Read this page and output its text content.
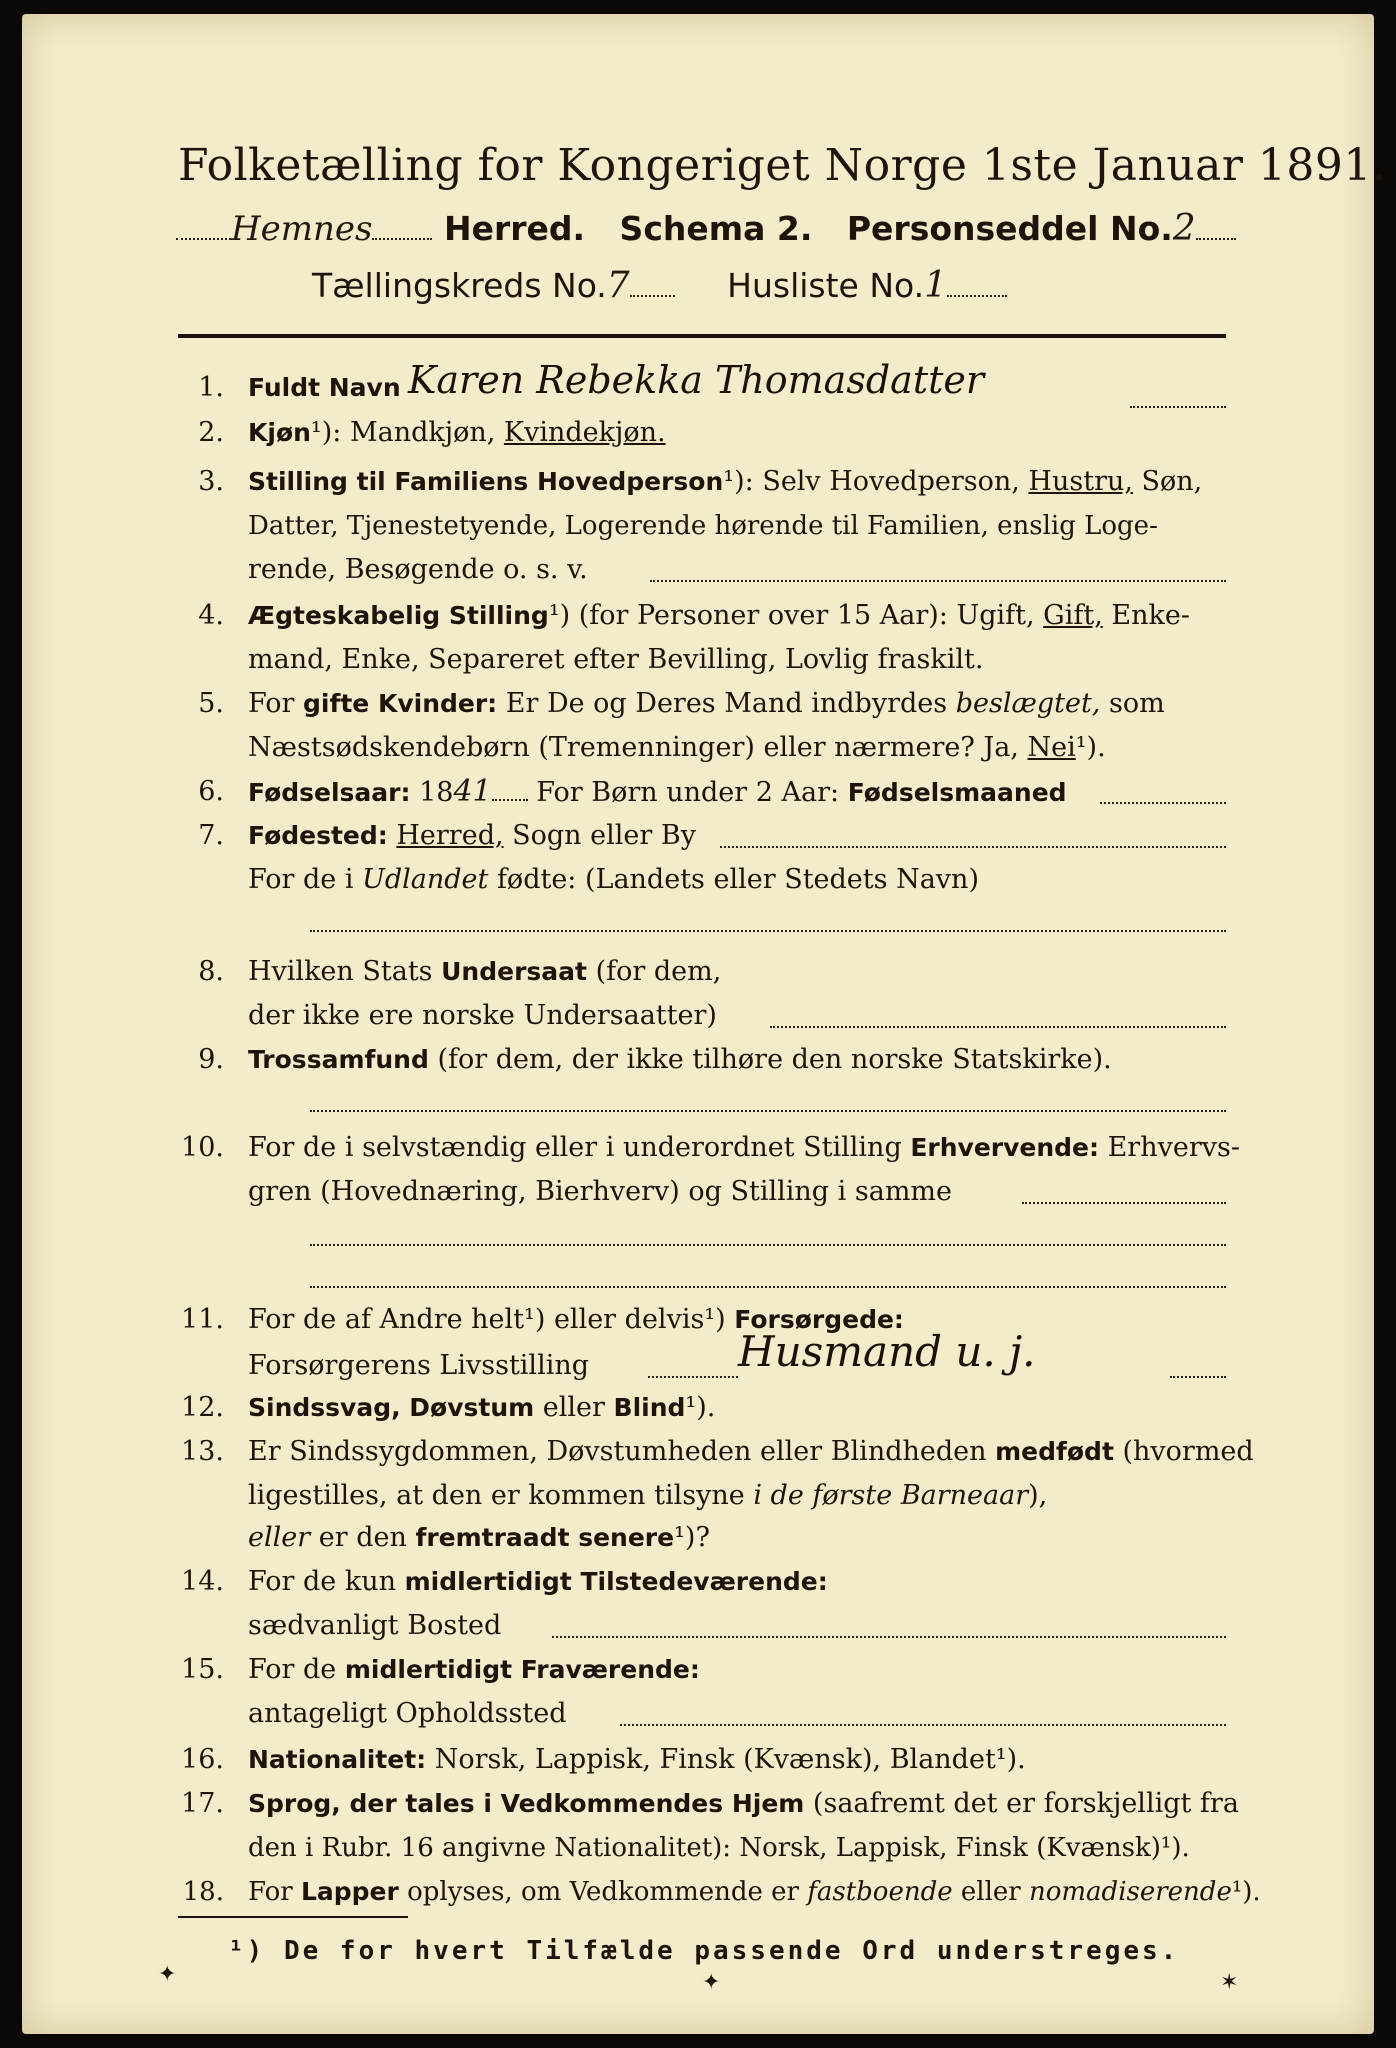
Folketælling for Kongeriget Norge 1ste Januar 1891.
Hemnes Herred. Schema 2. Personseddel No.2
Tællingskreds No.7	Husliste No.1
1. Fuldt Navn Karen Rebekka Thomasdatter
2. Kjøn¹): Mandkjøn, Kvindekjøn.
3. Stilling til Familiens Hovedperson¹): Selv Hovedperson, Hustru, Søn,
Datter, Tjenestetyende, Logerende hørende til Familien, enslig Loge-
rende, Besøgende o. s. v.
4. Ægteskabelig Stilling¹) (for Personer over 15 Aar): Ugift, Gift, Enke-
mand, Enke, Separeret efter Bevilling, Lovlig fraskilt.
5. For gifte Kvinder: Er De og Deres Mand indbyrdes beslægtet, som
Næstsødskendebørn (Tremenninger) eller nærmere? Ja, Nei¹).
6. Fødselsaar: 1841 For Børn under 2 Aar: Fødselsmaaned
7. Fødested: Herred, Sogn eller By
For de i Udlandet fødte: (Landets eller Stedets Navn)
8. Hvilken Stats Undersaat (for dem,
der ikke ere norske Undersaatter)
9. Trossamfund (for dem, der ikke tilhøre den norske Statskirke).
10. For de i selvstændig eller i underordnet Stilling Erhvervende: Erhvervs-
gren (Hovednæring, Bierhverv) og Stilling i samme
11. For de af Andre helt¹) eller delvis¹) Forsørgede:
Forsørgerens Livsstilling	Husmand u. j.
12. Sindssvag, Døvstum eller Blind¹).
13. Er Sindssygdommen, Døvstumheden eller Blindheden medfødt (hvormed
ligestilles, at den er kommen tilsyne i de første Barneaar),
eller er den fremtraadt senere¹)?
14. For de kun midlertidigt Tilstedeværende:
sædvanligt Bosted
15. For de midlertidigt Fraværende:
antageligt Opholdssted
16. Nationalitet: Norsk, Lappisk, Finsk (Kvænsk), Blandet¹).
17. Sprog, der tales i Vedkommendes Hjem (saafremt det er forskjelligt fra
den i Rubr. 16 angivne Nationalitet): Norsk, Lappisk, Finsk (Kvænsk)¹).
18. For Lapper oplyses, om Vedkommende er fastboende eller nomadiserende¹).
¹) De for hvert Tilfælde passende Ord understreges.
✦	✦	✶
